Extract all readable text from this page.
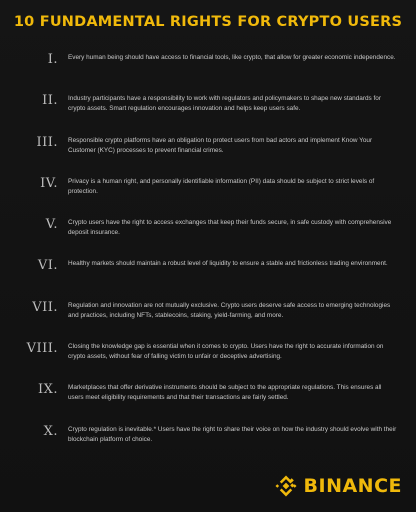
10 FUNDAMENTAL RIGHTS FOR CRYPTO USERS
I. Every human being should have access to financial tools, like crypto, that allow for greater economic independence.
II. Industry participants have a responsibility to work with regulators and policymakers to shape new standards for crypto assets. Smart regulation encourages innovation and helps keep users safe.
III. Responsible crypto platforms have an obligation to protect users from bad actors and implement Know Your Customer (KYC) processes to prevent financial crimes.
IV. Privacy is a human right, and personally identifiable information (PII) data should be subject to strict levels of protection.
V. Crypto users have the right to access exchanges that keep their funds secure, in safe custody with comprehensive deposit insurance.
VI. Healthy markets should maintain a robust level of liquidity to ensure a stable and frictionless trading environment.
VII. Regulation and innovation are not mutually exclusive. Crypto users deserve safe access to emerging technologies and practices, including NFTs, stablecoins, staking, yield-farming, and more.
VIII. Closing the knowledge gap is essential when it comes to crypto. Users have the right to accurate information on crypto assets, without fear of falling victim to unfair or deceptive advertising.
IX. Marketplaces that offer derivative instruments should be subject to the appropriate regulations. This ensures all users meet eligibility requirements and that their transactions are fairly settled.
X. Crypto regulation is inevitable.* Users have the right to share their voice on how the industry should evolve with their blockchain platform of choice.
BINANCE
